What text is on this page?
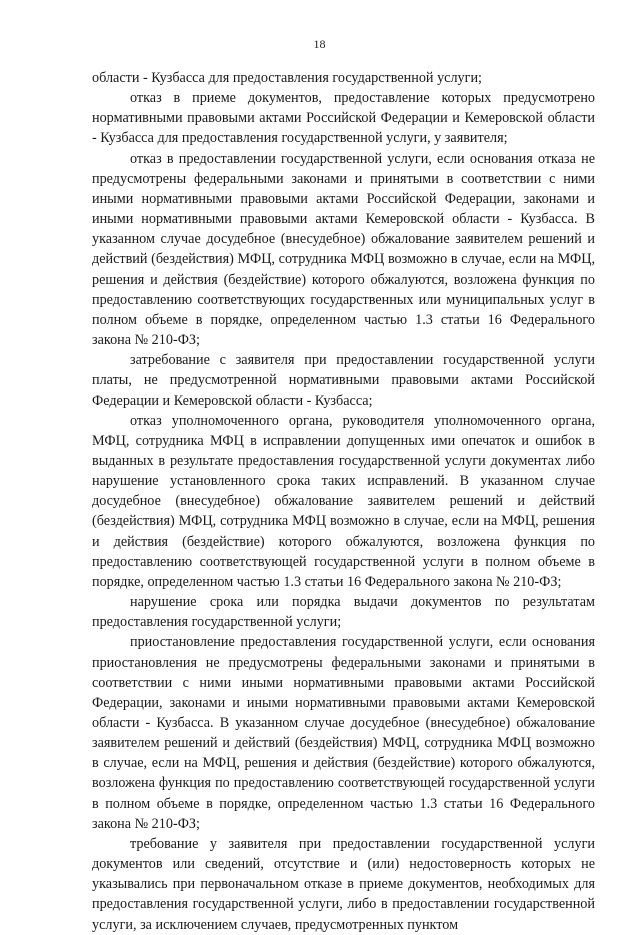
18

области - Кузбасса для предоставления государственной услуги;

отказ в приеме документов, предоставление которых предусмотрено нормативными правовыми актами Российской Федерации и Кемеровской области - Кузбасса для предоставления государственной услуги, у заявителя;

отказ в предоставлении государственной услуги, если основания отказа не предусмотрены федеральными законами и принятыми в соответствии с ними иными нормативными правовыми актами Российской Федерации, законами и иными нормативными правовыми актами Кемеровской области - Кузбасса. В указанном случае досудебное (внесудебное) обжалование заявителем решений и действий (бездействия) МФЦ, сотрудника МФЦ возможно в случае, если на МФЦ, решения и действия (бездействие) которого обжалуются, возложена функция по предоставлению соответствующих государственных или муниципальных услуг в полном объеме в порядке, определенном частью 1.3 статьи 16 Федерального закона № 210-ФЗ;

затребование с заявителя при предоставлении государственной услуги платы, не предусмотренной нормативными правовыми актами Российской Федерации и Кемеровской области - Кузбасса;

отказ уполномоченного органа, руководителя уполномоченного органа, МФЦ, сотрудника МФЦ в исправлении допущенных ими опечаток и ошибок в выданных в результате предоставления государственной услуги документах либо нарушение установленного срока таких исправлений. В указанном случае досудебное (внесудебное) обжалование заявителем решений и действий (бездействия) МФЦ, сотрудника МФЦ возможно в случае, если на МФЦ, решения и действия (бездействие) которого обжалуются, возложена функция по предоставлению соответствующей государственной услуги в полном объеме в порядке, определенном частью 1.3 статьи 16 Федерального закона № 210-ФЗ;

нарушение срока или порядка выдачи документов по результатам предоставления государственной услуги;

приостановление предоставления государственной услуги, если основания приостановления не предусмотрены федеральными законами и принятыми в соответствии с ними иными нормативными правовыми актами Российской Федерации, законами и иными нормативными правовыми актами Кемеровской области - Кузбасса. В указанном случае досудебное (внесудебное) обжалование заявителем решений и действий (бездействия) МФЦ, сотрудника МФЦ возможно в случае, если на МФЦ, решения и действия (бездействие) которого обжалуются, возложена функция по предоставлению соответствующей государственной услуги в полном объеме в порядке, определенном частью 1.3 статьи 16 Федерального закона № 210-ФЗ;

требование у заявителя при предоставлении государственной услуги документов или сведений, отсутствие и (или) недостоверность которых не указывались при первоначальном отказе в приеме документов, необходимых для предоставления государственной услуги, либо в предоставлении государственной услуги, за исключением случаев, предусмотренных пунктом
